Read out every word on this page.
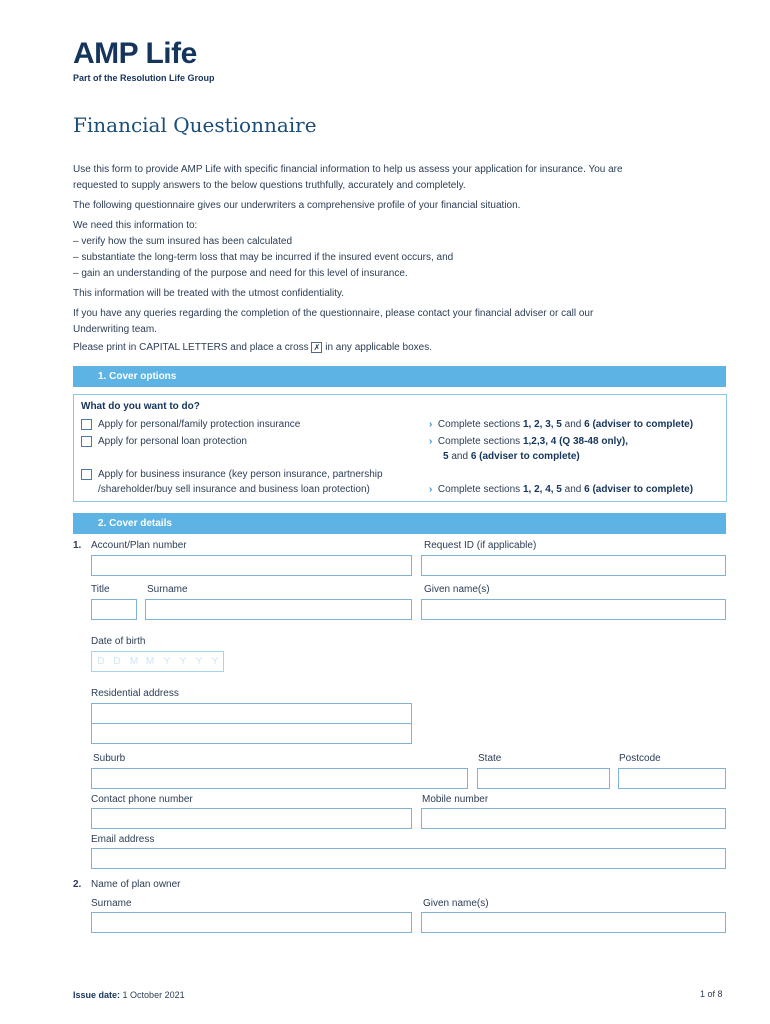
AMP Life
Part of the Resolution Life Group
Financial Questionnaire
Use this form to provide AMP Life with specific financial information to help us assess your application for insurance. You are
requested to supply answers to the below questions truthfully, accurately and completely.
The following questionnaire gives our underwriters a comprehensive profile of your financial situation.
We need this information to:
– verify how the sum insured has been calculated
– substantiate the long-term loss that may be incurred if the insured event occurs, and
– gain an understanding of the purpose and need for this level of insurance.
This information will be treated with the utmost confidentiality.
If you have any queries regarding the completion of the questionnaire, please contact your financial adviser or call our
Underwriting team.
Please print in CAPITAL LETTERS and place a cross ✗ in any applicable boxes.
1. Cover options
What do you want to do?
Apply for personal/family protection insurance	› Complete sections 1, 2, 3, 5 and 6 (adviser to complete)
Apply for personal loan protection	› Complete sections 1,2,3, 4 (Q 38-48 only),
5 and 6 (adviser to complete)
Apply for business insurance (key person insurance, partnership
/shareholder/buy sell insurance and business loan protection)	› Complete sections 1, 2, 4, 5 and 6 (adviser to complete)
2. Cover details
1. Account/Plan number	Request ID (if applicable)
Title	Surname	Given name(s)
Date of birth
D D M M Y Y Y Y
Residential address
Suburb	State	Postcode
Contact phone number	Mobile number
Email address
2. Name of plan owner
Surname	Given name(s)
Issue date: 1 October 2021	1 of 8
